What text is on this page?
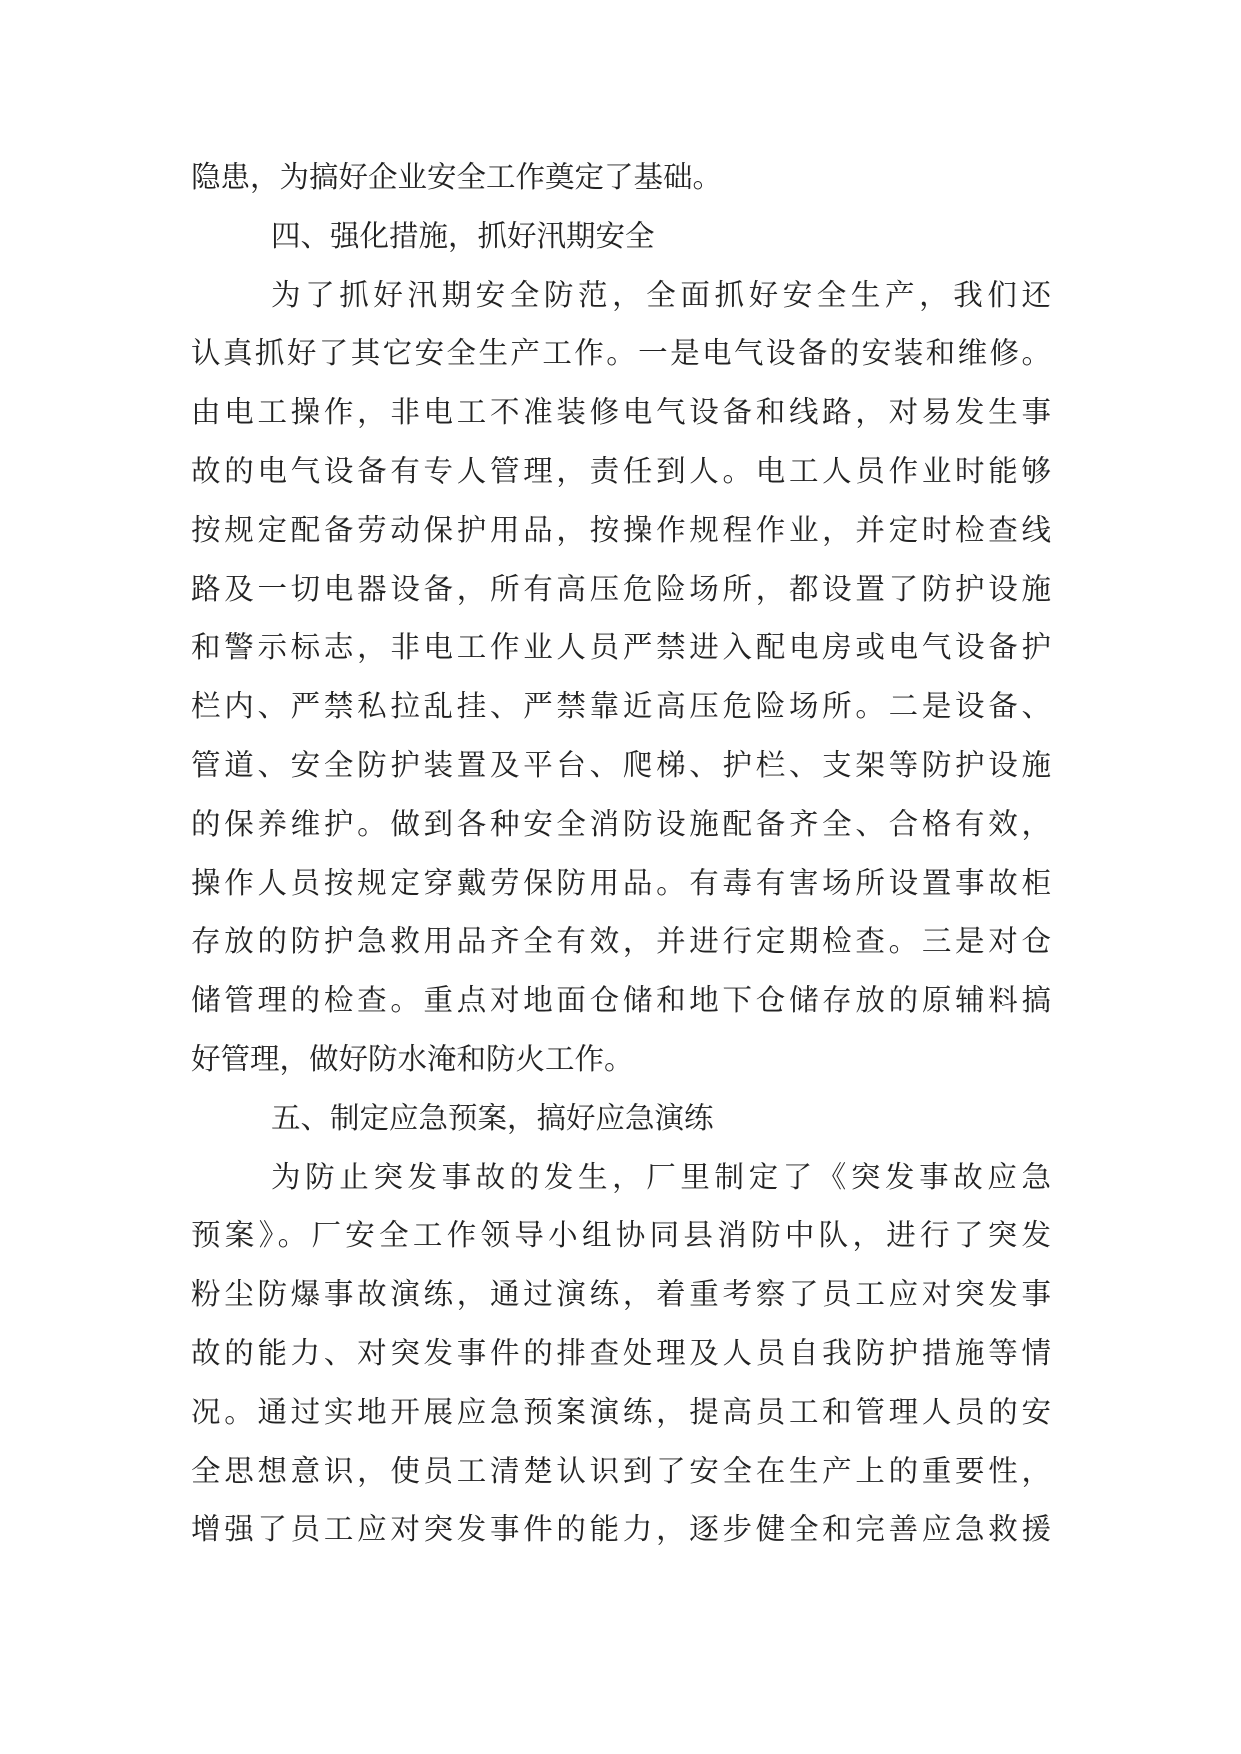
隐患，为搞好企业安全工作奠定了基础。
四、强化措施，抓好汛期安全
为了抓好汛期安全防范，全面抓好安全生产，我们还
认真抓好了其它安全生产工作。一是电气设备的安装和维修。
由电工操作，非电工不准装修电气设备和线路，对易发生事
故的电气设备有专人管理，责任到人。电工人员作业时能够
按规定配备劳动保护用品，按操作规程作业，并定时检查线
路及一切电器设备，所有高压危险场所，都设置了防护设施
和警示标志，非电工作业人员严禁进入配电房或电气设备护
栏内、严禁私拉乱挂、严禁靠近高压危险场所。二是设备、
管道、安全防护装置及平台、爬梯、护栏、支架等防护设施
的保养维护。做到各种安全消防设施配备齐全、合格有效，
操作人员按规定穿戴劳保防用品。有毒有害场所设置事故柜
存放的防护急救用品齐全有效，并进行定期检查。三是对仓
储管理的检查。重点对地面仓储和地下仓储存放的原辅料搞
好管理，做好防水淹和防火工作。
五、制定应急预案，搞好应急演练
为防止突发事故的发生，厂里制定了《突发事故应急
预案》。厂安全工作领导小组协同县消防中队，进行了突发
粉尘防爆事故演练，通过演练，着重考察了员工应对突发事
故的能力、对突发事件的排查处理及人员自我防护措施等情
况。通过实地开展应急预案演练，提高员工和管理人员的安
全思想意识，使员工清楚认识到了安全在生产上的重要性，
增强了员工应对突发事件的能力，逐步健全和完善应急救援
